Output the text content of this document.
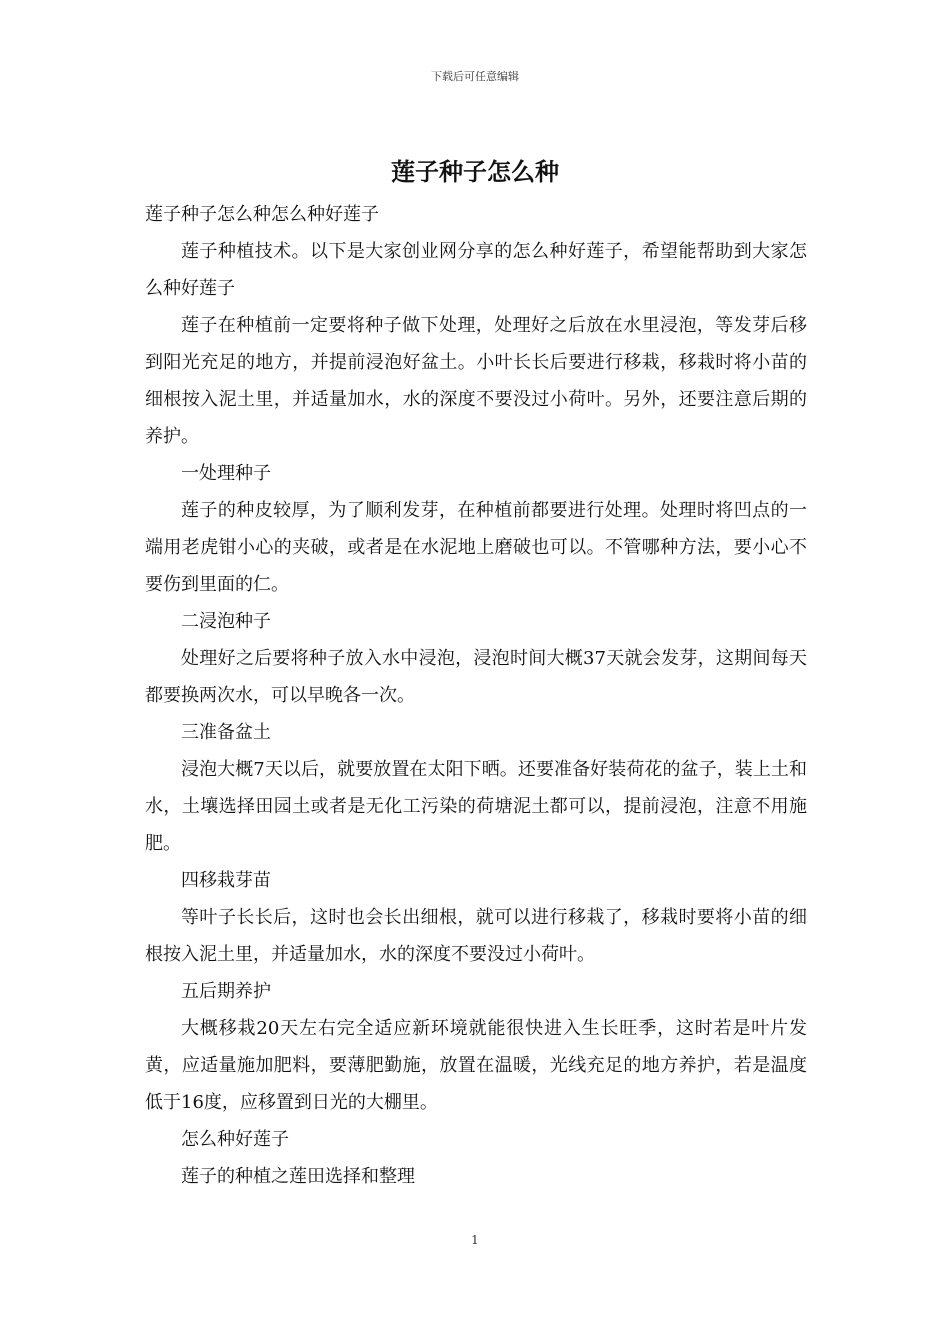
下载后可任意编辑
莲子种子怎么种

莲子种子怎么种怎么种好莲子

莲子种植技术。以下是大家创业网分享的怎么种好莲子，希望能帮助到大家怎么种好莲子

莲子在种植前一定要将种子做下处理，处理好之后放在水里浸泡，等发芽后移到阳光充足的地方，并提前浸泡好盆土。小叶长长后要进行移栽，移栽时将小苗的细根按入泥土里，并适量加水，水的深度不要没过小荷叶。另外，还要注意后期的养护。

一处理种子

莲子的种皮较厚，为了顺利发芽，在种植前都要进行处理。处理时将凹点的一端用老虎钳小心的夹破，或者是在水泥地上磨破也可以。不管哪种方法，要小心不要伤到里面的仁。

二浸泡种子

处理好之后要将种子放入水中浸泡，浸泡时间大概37天就会发芽，这期间每天都要换两次水，可以早晚各一次。

三准备盆土

浸泡大概7天以后，就要放置在太阳下晒。还要准备好装荷花的盆子，装上土和水，土壤选择田园土或者是无化工污染的荷塘泥土都可以，提前浸泡，注意不用施肥。

四移栽芽苗

等叶子长长后，这时也会长出细根，就可以进行移栽了，移栽时要将小苗的细根按入泥土里，并适量加水，水的深度不要没过小荷叶。

五后期养护

大概移栽20天左右完全适应新环境就能很快进入生长旺季，这时若是叶片发黄，应适量施加肥料，要薄肥勤施，放置在温暖，光线充足的地方养护，若是温度低于16度，应移置到日光的大棚里。

怎么种好莲子

莲子的种植之莲田选择和整理

1
